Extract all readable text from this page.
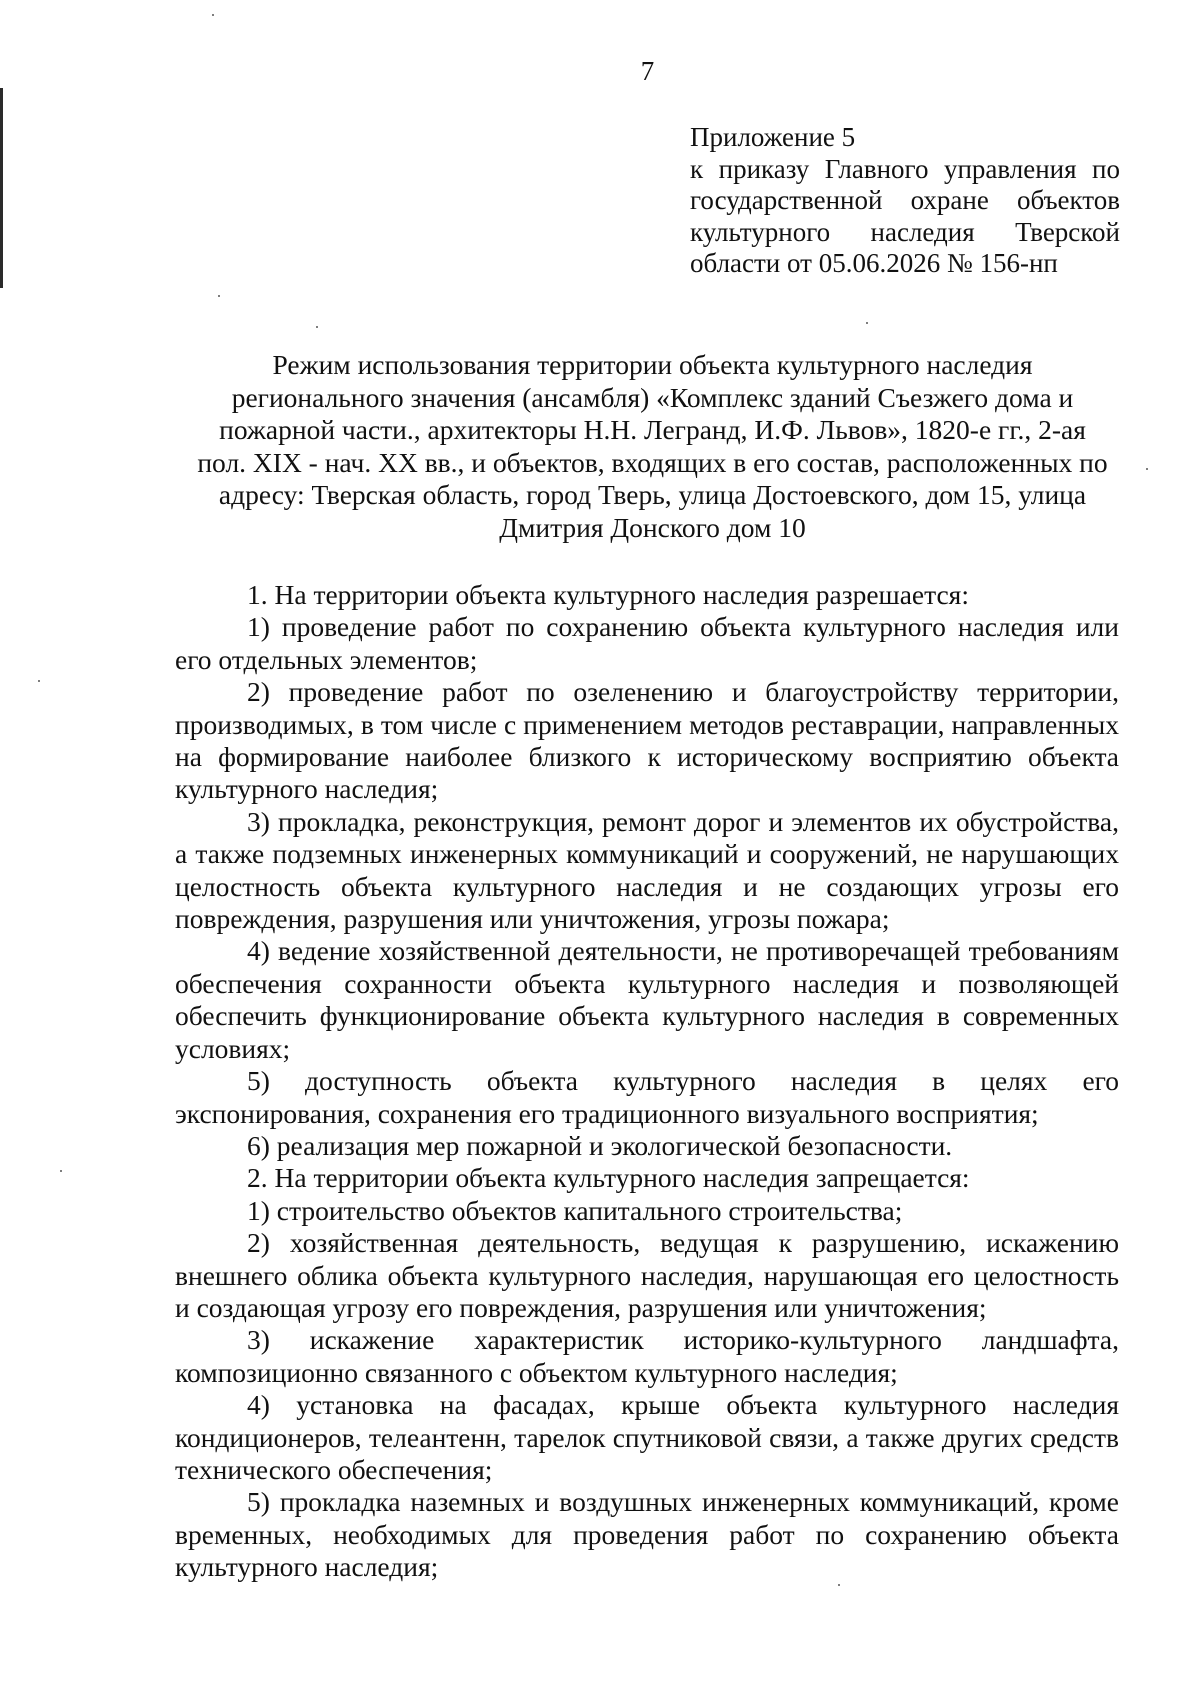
7
Приложение 5
к приказу Главного управления по
государственной охране объектов
культурного наследия Тверской
области от 05.06.2026 № 156-нп
Режим использования территории объекта культурного наследия
регионального значения (ансамбля) «Комплекс зданий Съезжего дома и
пожарной части., архитекторы Н.Н. Легранд, И.Ф. Львов», 1820-е гг., 2-ая
пол. XIX - нач. XX вв., и объектов, входящих в его состав, расположенных по
адресу: Тверская область, город Тверь, улица Достоевского, дом 15, улица
Дмитрия Донского дом 10

1. На территории объекта культурного наследия разрешается:

1) проведение работ по сохранению объекта культурного наследия или его отдельных элементов;

2) проведение работ по озеленению и благоустройству территории, производимых, в том числе с применением методов реставрации, направленных на формирование наиболее близкого к историческому восприятию объекта культурного наследия;

3) прокладка, реконструкция, ремонт дорог и элементов их обустройства, а также подземных инженерных коммуникаций и сооружений, не нарушающих целостность объекта культурного наследия и не создающих угрозы его повреждения, разрушения или уничтожения, угрозы пожара;

4) ведение хозяйственной деятельности, не противоречащей требованиям обеспечения сохранности объекта культурного наследия и позволяющей обеспечить функционирование объекта культурного наследия в современных условиях;

5) доступность объекта культурного наследия в целях его экспонирования, сохранения его традиционного визуального восприятия;

6) реализация мер пожарной и экологической безопасности.

2. На территории объекта культурного наследия запрещается:

1) строительство объектов капитального строительства;

2) хозяйственная деятельность, ведущая к разрушению, искажению внешнего облика объекта культурного наследия, нарушающая его целостность и создающая угрозу его повреждения, разрушения или уничтожения;

3) искажение характеристик историко-культурного ландшафта, композиционно связанного с объектом культурного наследия;

4) установка на фасадах, крыше объекта культурного наследия кондиционеров, телеантенн, тарелок спутниковой связи, а также других средств технического обеспечения;

5) прокладка наземных и воздушных инженерных коммуникаций, кроме временных, необходимых для проведения работ по сохранению объекта культурного наследия;
